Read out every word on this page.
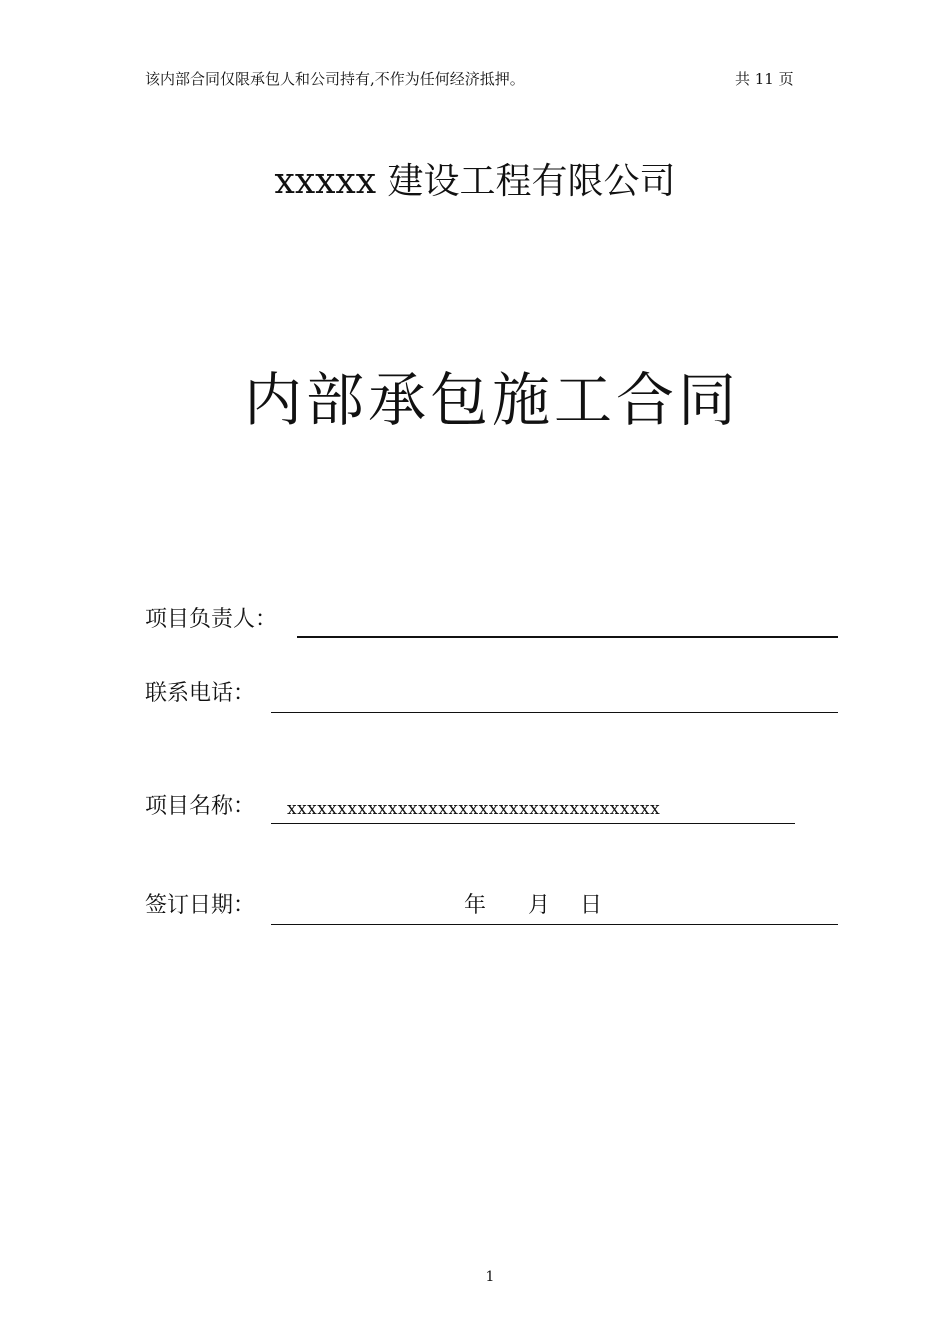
该内部合同仅限承包人和公司持有,不作为任何经济抵押。	共 11 页
xxxxx 建设工程有限公司
内部承包施工合同
项目负责人：
联系电话：
项目名称： xxxxxxxxxxxxxxxxxxxxxxxxxxxxxxxxxxxxx
签订日期：	年 月 日
1
